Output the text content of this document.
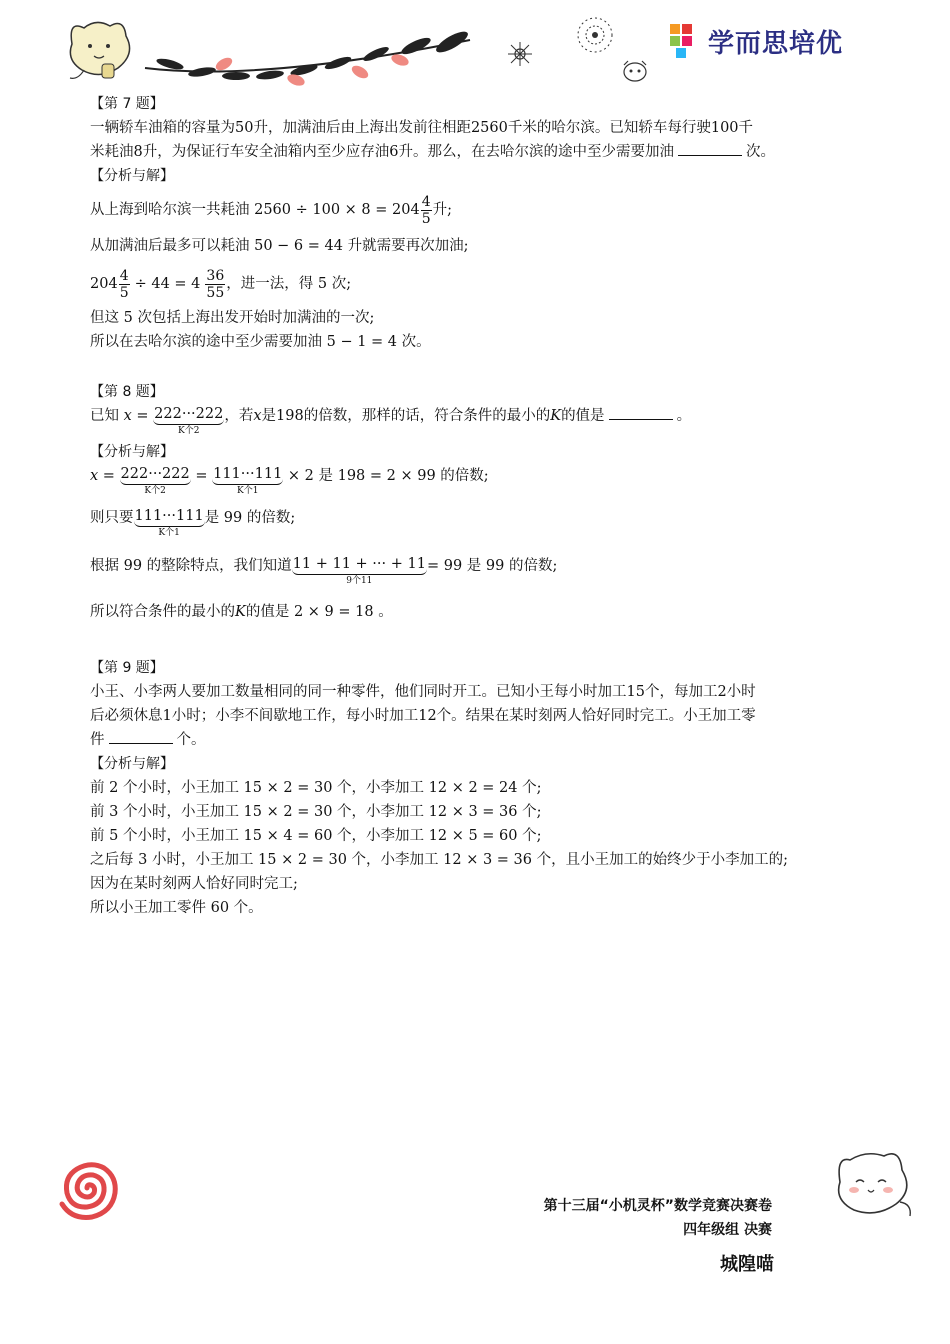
学而思培优
【第 7 题】
一辆轿车油箱的容量为50升，加满油后由上海出发前往相距2560千米的哈尔滨。已知轿车每行驶100千
米耗油8升，为保证行车安全油箱内至少应存油6升。那么，在去哈尔滨的途中至少需要加油	次。
【分析与解】
从上海到哈尔滨一共耗油 $2560 \div 100 \times 8 = 204 \frac{4}{5}$ 升;
从加满油后最多可以耗油 50 − 6 = 44 升就需要再次加油;
$204 \frac{4}{5} \div 44 = 4 \frac{36}{55}$ ，进一法，得 5 次;
但这 5 次包括上海出发开始时加满油的一次;
所以在去哈尔滨的途中至少需要加油 5 − 1 = 4 次。
【第 8 题】
已知 x = 222···222
K个2
，若x是198的倍数，那样的话，符合条件的最小的K的值是	。
【分析与解】
x = 222···222
K个2
= 111···111
K个1
× 2 是 198 = 2 × 99 的倍数;
则只要 111···111
K个1
是 99 的倍数;
根据 99 的整除特点，我们知道 11 + 11 + ··· + 11
9个11
= 99 是 99 的倍数;
所以符合条件的最小的K的值是 2 × 9 = 18 。
【第 9 题】
小王、小李两人要加工数量相同的同一种零件，他们同时开工。已知小王每小时加工15个，每加工2小时
后必须休息1小时；小李不间歇地工作，每小时加工12个。结果在某时刻两人恰好同时完工。小王加工零
件	个。
【分析与解】
前 2 个小时，小王加工 15 × 2 = 30 个，小李加工 12 × 2 = 24 个;
前 3 个小时，小王加工 15 × 2 = 30 个，小李加工 12 × 3 = 36 个;
前 5 个小时，小王加工 15 × 4 = 60 个，小李加工 12 × 5 = 60 个;
之后每 3 小时，小王加工 15 × 2 = 30 个，小李加工 12 × 3 = 36 个，且小王加工的始终少于小李加工的;
因为在某时刻两人恰好同时完工;
所以小王加工零件 60 个。
第十三届“小机灵杯”数学竞赛决赛卷
四年级组 决赛
城隍喵
